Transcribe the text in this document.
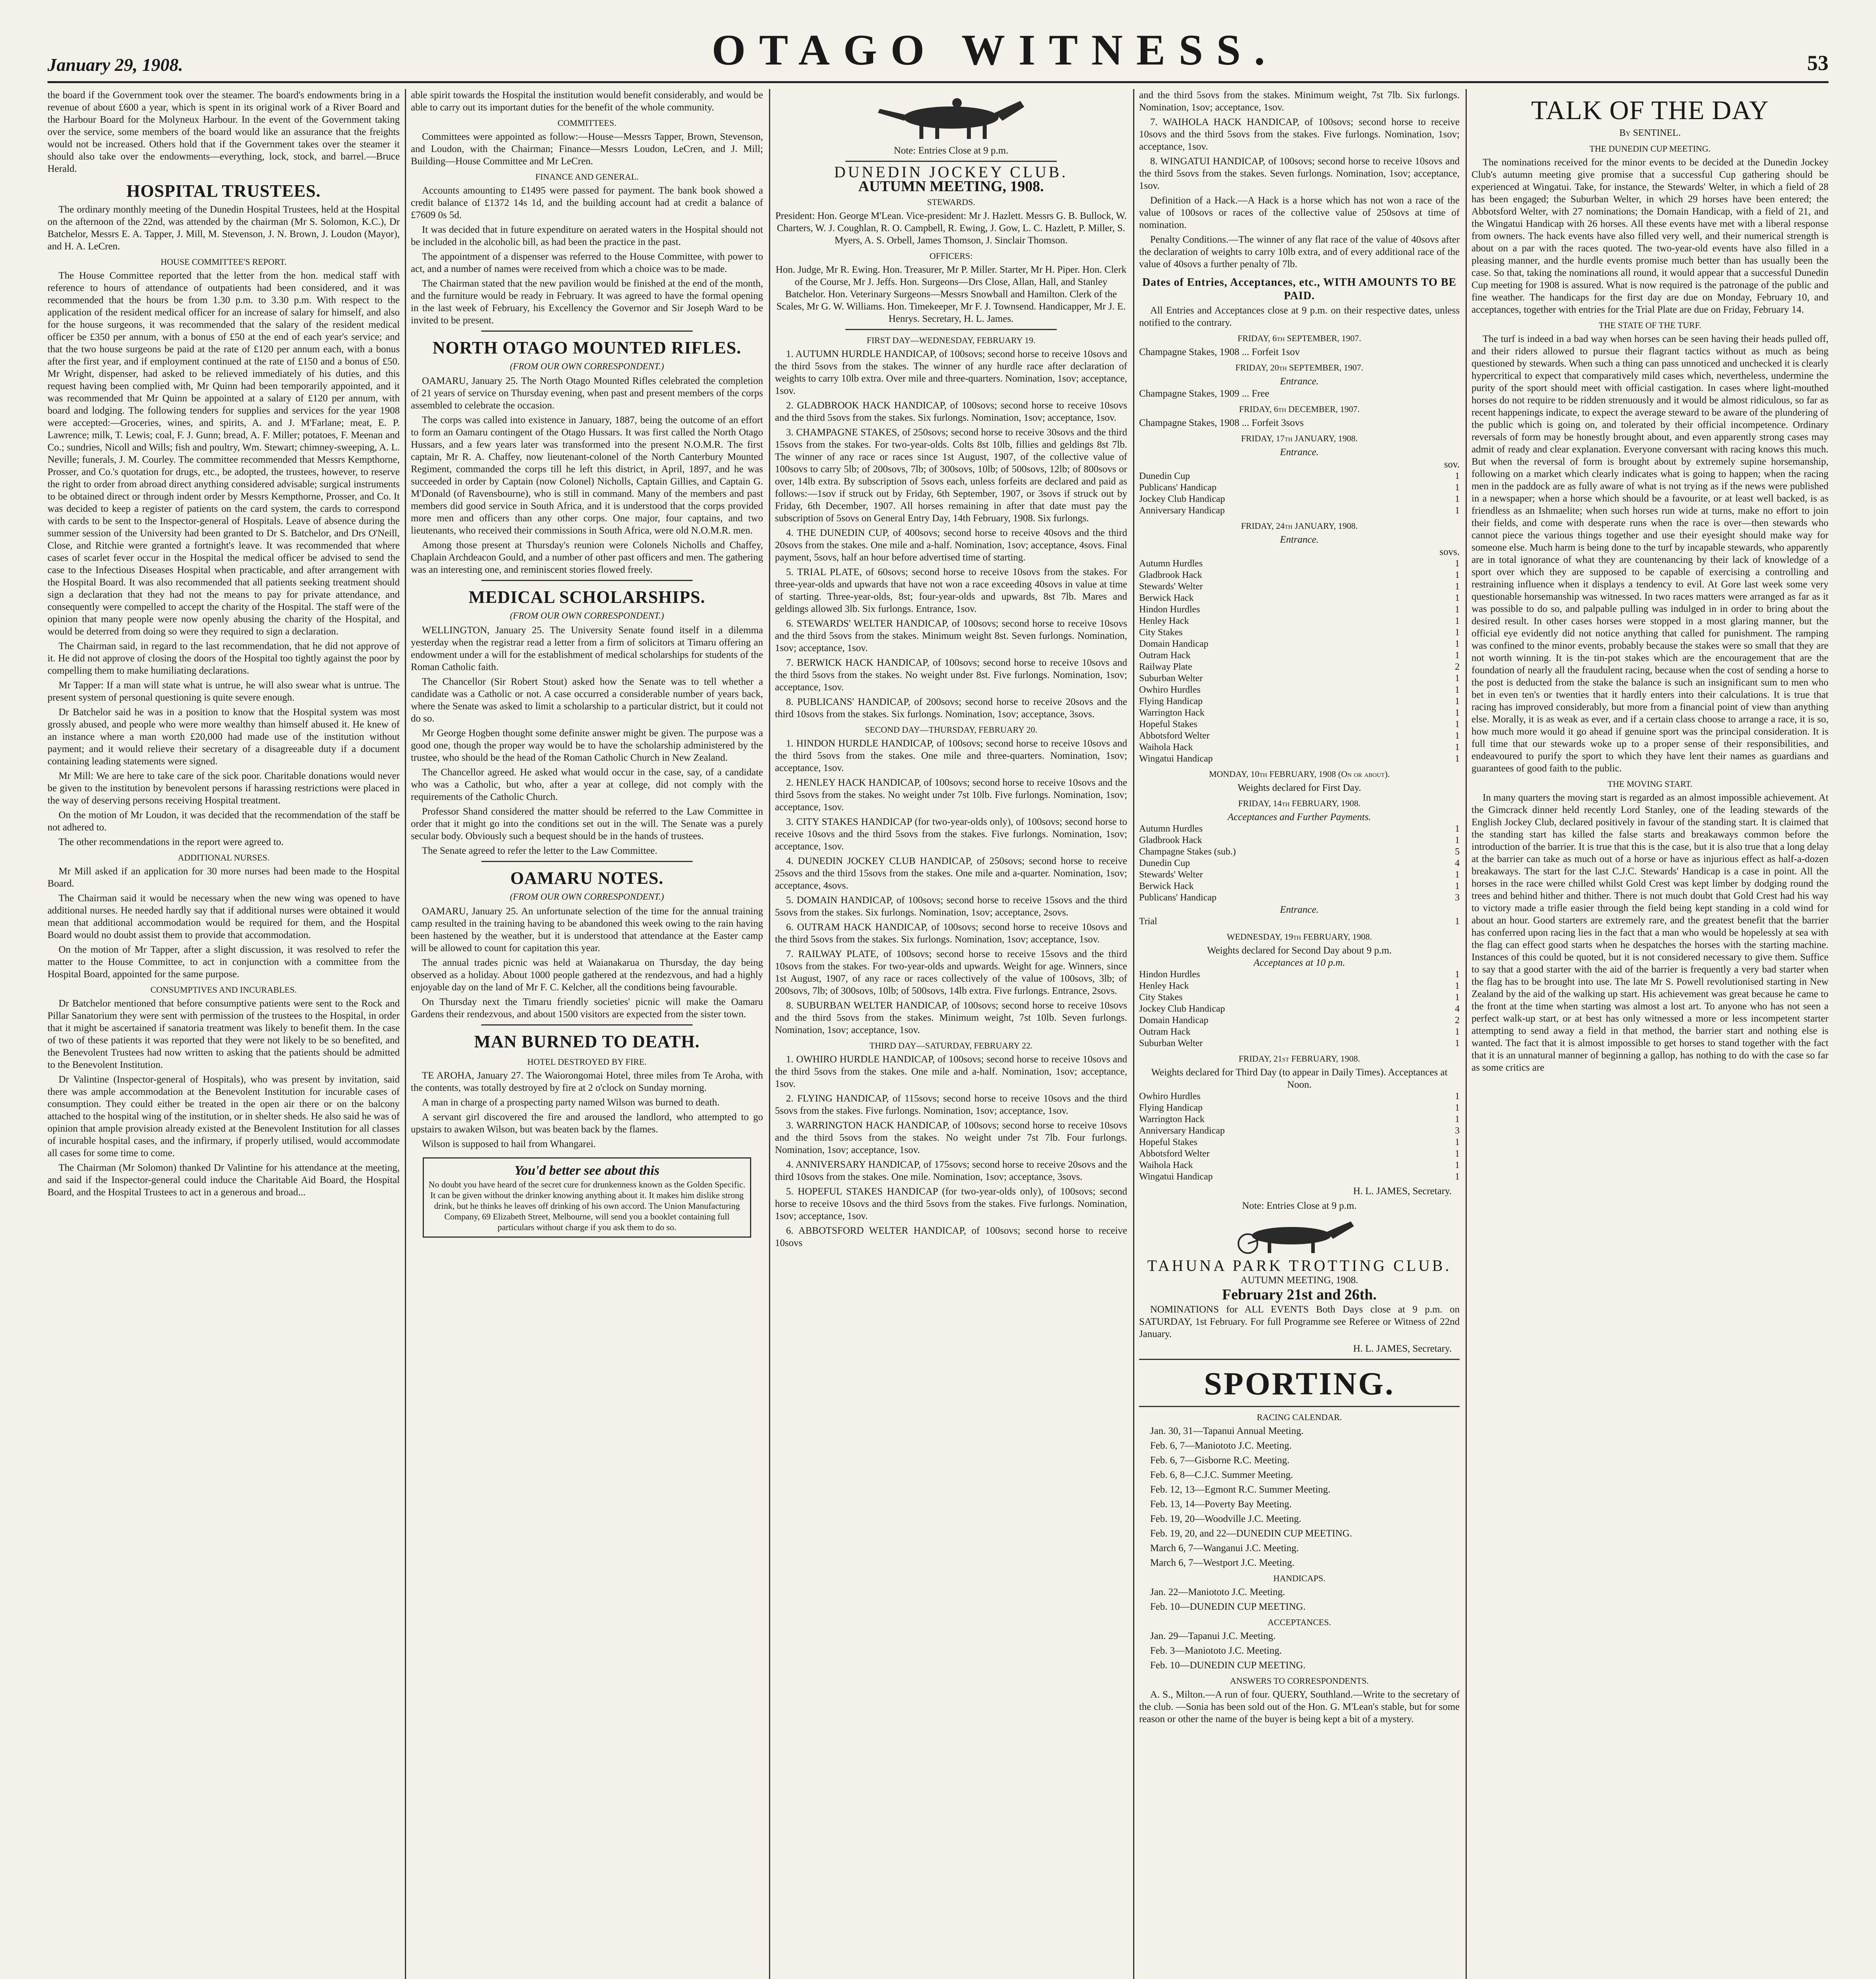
January 29, 1908.	OTAGO WITNESS.	53

the board if the Government took over the steamer. The board's endowments bring in a revenue of about £600 a year, which is spent in its original work of a River Board and the Harbour Board for the Molyneux Harbour. In the event of the Government taking over the service, some members of the board would like an assurance that the freights would not be increased. Others hold that if the Government takes over the steamer it should also take over the endowments—everything, lock, stock, and barrel.—Bruce Herald.

HOSPITAL TRUSTEES.

The ordinary monthly meeting of the Dunedin Hospital Trustees, held at the Hospital on the afternoon of the 22nd, was attended by the chairman (Mr S. Solomon, K.C.), Dr Batchelor, Messrs E. A. Tapper, J. Mill, M. Stevenson, J. N. Brown, J. Loudon (Mayor), and H. A. LeCren.

HOUSE COMMITTEE'S REPORT.

The House Committee reported that the letter from the hon. medical staff with reference to hours of attendance of outpatients had been considered, and it was recommended that the hours be from 1.30 p.m. to 3.30 p.m. With respect to the application of the resident medical officer for an increase of salary for himself, and also for the house surgeons, it was recommended that the salary of the resident medical officer be £350 per annum, with a bonus of £50 at the end of each year's service; and that the two house surgeons be paid at the rate of £120 per annum each, with a bonus after the first year, and if employment continued at the rate of £150 and a bonus of £50. Mr Wright, dispenser, had asked to be relieved immediately of his duties, and this request having been complied with, Mr Quinn had been temporarily appointed, and it was recommended that Mr Quinn be appointed at a salary of £120 per annum, with board and lodging. The following tenders for supplies and services for the year 1908 were accepted:—Groceries, wines, and spirits, A. and J. M'Farlane; meat, E. P. Lawrence; milk, T. Lewis; coal, F. J. Gunn; bread, A. F. Miller; potatoes, F. Meenan and Co.; sundries, Nicoll and Wills; fish and poultry, Wm. Stewart; chimney-sweeping, A. L. Neville; funerals, J. M. Courley. The committee recommended that Messrs Kempthorne, Prosser, and Co.'s quotation for drugs, etc., be adopted, the trustees, however, to reserve the right to order from abroad direct anything considered advisable; surgical instruments to be obtained direct or through indent order by Messrs Kempthorne, Prosser, and Co. It was decided to keep a register of patients on the card system, the cards to correspond with cards to be sent to the Inspector-general of Hospitals. Leave of absence during the summer session of the University had been granted to Dr S. Batchelor, and Drs O'Neill, Close, and Ritchie were granted a fortnight's leave. It was recommended that where cases of scarlet fever occur in the Hospital the medical officer be advised to send the case to the Infectious Diseases Hospital when practicable, and after arrangement with the Hospital Board. It was also recommended that all patients seeking treatment should sign a declaration that they had not the means to pay for private attendance, and consequently were compelled to accept the charity of the Hospital. The staff were of the opinion that many people were now openly abusing the charity of the Hospital, and would be deterred from doing so were they required to sign a declaration.

The Chairman said, in regard to the last recommendation, that he did not approve of it. He did not approve of closing the doors of the Hospital too tightly against the poor by compelling them to make humiliating declarations.

Mr Tapper: If a man will state what is untrue, he will also swear what is untrue. The present system of personal questioning is quite severe enough.

Dr Batchelor said he was in a position to know that the Hospital system was most grossly abused, and people who were more wealthy than himself abused it. He knew of an instance where a man worth £20,000 had made use of the institution without payment; and it would relieve their secretary of a disagreeable duty if a document containing leading statements were signed.

Mr Mill: We are here to take care of the sick poor. Charitable donations would never be given to the institution by benevolent persons if harassing restrictions were placed in the way of deserving persons receiving Hospital treatment.

On the motion of Mr Loudon, it was decided that the recommendation of the staff be not adhered to.

The other recommendations in the report were agreed to.

ADDITIONAL NURSES.

Mr Mill asked if an application for 30 more nurses had been made to the Hospital Board.

The Chairman said it would be necessary when the new wing was opened to have additional nurses. He needed hardly say that if additional nurses were obtained it would mean that additional accommodation would be required for them, and the Hospital Board would no doubt assist them to provide that accommodation.

On the motion of Mr Tapper, after a slight discussion, it was resolved to refer the matter to the House Committee, to act in conjunction with a committee from the Hospital Board, appointed for the same purpose.

CONSUMPTIVES AND INCURABLES.

Dr Batchelor mentioned that before consumptive patients were sent to the Rock and Pillar Sanatorium they were sent with permission of the trustees to the Hospital, in order that it might be ascertained if sanatoria treatment was likely to benefit them. In the case of two of these patients it was reported that they were not likely to be so benefited, and the Benevolent Trustees had now written to asking that the patients should be admitted to the Benevolent Institution.

Dr Valintine (Inspector-general of Hospitals), who was present by invitation, said there was ample accommodation at the Benevolent Institution for incurable cases of consumption. They could either be treated in the open air there or on the balcony attached to the hospital wing of the institution, or in shelter sheds. He also said he was of opinion that ample provision already existed at the Benevolent Institution for all classes of incurable hospital cases, and the infirmary, if properly utilised, would accommodate all cases for some time to come.

The Chairman (Mr Solomon) thanked Dr Valintine for his attendance at the meeting, and said if the Inspector-general could induce the Charitable Aid Board, the Hospital Board, and the Hospital Trustees to act in a generous and broad...

able spirit towards the Hospital the institution would benefit considerably, and would be able to carry out its important duties for the benefit of the whole community.

COMMITTEES.

Committees were appointed as follow:—House—Messrs Tapper, Brown, Stevenson, and Loudon, with the Chairman; Finance—Messrs Loudon, LeCren, and J. Mill; Building—House Committee and Mr LeCren.

FINANCE AND GENERAL.

Accounts amounting to £1495 were passed for payment. The bank book showed a credit balance of £1372 14s 1d, and the building account had at credit a balance of £7609 0s 5d.

It was decided that in future expenditure on aerated waters in the Hospital should not be included in the alcoholic bill, as had been the practice in the past.

The appointment of a dispenser was referred to the House Committee, with power to act, and a number of names were received from which a choice was to be made.

The Chairman stated that the new pavilion would be finished at the end of the month, and the furniture would be ready in February. It was agreed to have the formal opening in the last week of February, his Excellency the Governor and Sir Joseph Ward to be invited to be present.

NORTH OTAGO MOUNTED RIFLES.
(FROM OUR OWN CORRESPONDENT.)

OAMARU, January 25. The North Otago Mounted Rifles celebrated the completion of 21 years of service on Thursday evening, when past and present members of the corps assembled to celebrate the occasion.

The corps was called into existence in January, 1887, being the outcome of an effort to form an Oamaru contingent of the Otago Hussars. It was first called the North Otago Hussars, and a few years later was transformed into the present N.O.M.R. The first captain, Mr R. A. Chaffey, now lieutenant-colonel of the North Canterbury Mounted Regiment, commanded the corps till he left this district, in April, 1897, and he was succeeded in order by Captain (now Colonel) Nicholls, Captain Gillies, and Captain G. M'Donald (of Ravensbourne), who is still in command. Many of the members and past members did good service in South Africa, and it is understood that the corps provided more men and officers than any other corps. One major, four captains, and two lieutenants, who received their commissions in South Africa, were old N.O.M.R. men.

Among those present at Thursday's reunion were Colonels Nicholls and Chaffey, Chaplain Archdeacon Gould, and a number of other past officers and men. The gathering was an interesting one, and reminiscent stories flowed freely.

MEDICAL SCHOLARSHIPS.
(FROM OUR OWN CORRESPONDENT.)

WELLINGTON, January 25. The University Senate found itself in a dilemma yesterday when the registrar read a letter from a firm of solicitors at Timaru offering an endowment under a will for the establishment of medical scholarships for students of the Roman Catholic faith.

The Chancellor (Sir Robert Stout) asked how the Senate was to tell whether a candidate was a Catholic or not. A case occurred a considerable number of years back, where the Senate was asked to limit a scholarship to a particular district, but it could not do so.

Mr George Hogben thought some definite answer might be given. The purpose was a good one, though the proper way would be to have the scholarship administered by the trustee, who should be the head of the Roman Catholic Church in New Zealand.

The Chancellor agreed. He asked what would occur in the case, say, of a candidate who was a Catholic, but who, after a year at college, did not comply with the requirements of the Catholic Church.

Professor Shand considered the matter should be referred to the Law Committee in order that it might go into the conditions set out in the will. The Senate was a purely secular body. Obviously such a bequest should be in the hands of trustees.

The Senate agreed to refer the letter to the Law Committee.

OAMARU NOTES.
(FROM OUR OWN CORRESPONDENT.)

OAMARU, January 25. An unfortunate selection of the time for the annual training camp resulted in the training having to be abandoned this week owing to the rain having been hastened by the weather, but it is understood that attendance at the Easter camp will be allowed to count for capitation this year.

The annual trades picnic was held at Waianakarua on Thursday, the day being observed as a holiday. About 1000 people gathered at the rendezvous, and had a highly enjoyable day on the land of Mr F. C. Kelcher, all the conditions being favourable.

On Thursday next the Timaru friendly societies' picnic will make the Oamaru Gardens their rendezvous, and about 1500 visitors are expected from the sister town.

MAN BURNED TO DEATH.
HOTEL DESTROYED BY FIRE.

TE AROHA, January 27. The Waiorongomai Hotel, three miles from Te Aroha, with the contents, was totally destroyed by fire at 2 o'clock on Sunday morning.

A man in charge of a prospecting party named Wilson was burned to death.

A servant girl discovered the fire and aroused the landlord, who attempted to go upstairs to awaken Wilson, but was beaten back by the flames.

Wilson is supposed to hail from Whangarei.

You'd better see about this
No doubt you have heard of the secret cure for drunkenness known as the Golden Specific. It can be given without the drinker knowing anything about it. It makes him dislike strong drink, but he thinks he leaves off drinking of his own accord. The Union Manufacturing Company, 69 Elizabeth Street, Melbourne, will send you a booklet containing full particulars without charge if you ask them to do so.
Note: Entries Close at 9 p.m.
DUNEDIN JOCKEY CLUB.
AUTUMN MEETING, 1908.
STEWARDS.

President: Hon. George M'Lean. Vice-president: Mr J. Hazlett. Messrs G. B. Bullock, W. Charters, W. J. Coughlan, R. O. Campbell, R. Ewing, J. Gow, L. C. Hazlett, P. Miller, S. Myers, A. S. Orbell, James Thomson, J. Sinclair Thomson.

OFFICERS:

Hon. Judge, Mr R. Ewing. Hon. Treasurer, Mr P. Miller. Starter, Mr H. Piper. Hon. Clerk of the Course, Mr J. Jeffs. Hon. Surgeons—Drs Close, Allan, Hall, and Stanley Batchelor. Hon. Veterinary Surgeons—Messrs Snowball and Hamilton. Clerk of the Scales, Mr G. W. Williams. Hon. Timekeeper, Mr F. J. Townsend. Handicapper, Mr J. E. Henrys. Secretary, H. L. James.

FIRST DAY—WEDNESDAY, FEBRUARY 19.

1. AUTUMN HURDLE HANDICAP, of 100sovs; second horse to receive 10sovs and the third 5sovs from the stakes. The winner of any hurdle race after declaration of weights to carry 10lb extra. Over mile and three-quarters. Nomination, 1sov; acceptance, 1sov.

2. GLADBROOK HACK HANDICAP, of 100sovs; second horse to receive 10sovs and the third 5sovs from the stakes. Six furlongs. Nomination, 1sov; acceptance, 1sov.

3. CHAMPAGNE STAKES, of 250sovs; second horse to receive 30sovs and the third 15sovs from the stakes. For two-year-olds. Colts 8st 10lb, fillies and geldings 8st 7lb. The winner of any race or races since 1st August, 1907, of the collective value of 100sovs to carry 5lb; of 200sovs, 7lb; of 300sovs, 10lb; of 500sovs, 12lb; of 800sovs or over, 14lb extra. By subscription of 5sovs each, unless forfeits are declared and paid as follows:—1sov if struck out by Friday, 6th September, 1907, or 3sovs if struck out by Friday, 6th December, 1907. All horses remaining in after that date must pay the subscription of 5sovs on General Entry Day, 14th February, 1908. Six furlongs.

4. THE DUNEDIN CUP, of 400sovs; second horse to receive 40sovs and the third 20sovs from the stakes. One mile and a-half. Nomination, 1sov; acceptance, 4sovs. Final payment, 5sovs, half an hour before advertised time of starting.

5. TRIAL PLATE, of 60sovs; second horse to receive 10sovs from the stakes. For three-year-olds and upwards that have not won a race exceeding 40sovs in value at time of starting. Three-year-olds, 8st; four-year-olds and upwards, 8st 7lb. Mares and geldings allowed 3lb. Six furlongs. Entrance, 1sov.

6. STEWARDS' WELTER HANDICAP, of 100sovs; second horse to receive 10sovs and the third 5sovs from the stakes. Minimum weight 8st. Seven furlongs. Nomination, 1sov; acceptance, 1sov.

7. BERWICK HACK HANDICAP, of 100sovs; second horse to receive 10sovs and the third 5sovs from the stakes. No weight under 8st. Five furlongs. Nomination, 1sov; acceptance, 1sov.

8. PUBLICANS' HANDICAP, of 200sovs; second horse to receive 20sovs and the third 10sovs from the stakes. Six furlongs. Nomination, 1sov; acceptance, 3sovs.

SECOND DAY—THURSDAY, FEBRUARY 20.

1. HINDON HURDLE HANDICAP, of 100sovs; second horse to receive 10sovs and the third 5sovs from the stakes. One mile and three-quarters. Nomination, 1sov; acceptance, 1sov.

2. HENLEY HACK HANDICAP, of 100sovs; second horse to receive 10sovs and the third 5sovs from the stakes. No weight under 7st 10lb. Five furlongs. Nomination, 1sov; acceptance, 1sov.

3. CITY STAKES HANDICAP (for two-year-olds only), of 100sovs; second horse to receive 10sovs and the third 5sovs from the stakes. Five furlongs. Nomination, 1sov; acceptance, 1sov.

4. DUNEDIN JOCKEY CLUB HANDICAP, of 250sovs; second horse to receive 25sovs and the third 15sovs from the stakes. One mile and a-quarter. Nomination, 1sov; acceptance, 4sovs.

5. DOMAIN HANDICAP, of 100sovs; second horse to receive 15sovs and the third 5sovs from the stakes. Six furlongs. Nomination, 1sov; acceptance, 2sovs.

6. OUTRAM HACK HANDICAP, of 100sovs; second horse to receive 10sovs and the third 5sovs from the stakes. Six furlongs. Nomination, 1sov; acceptance, 1sov.

7. RAILWAY PLATE, of 100sovs; second horse to receive 15sovs and the third 10sovs from the stakes. For two-year-olds and upwards. Weight for age. Winners, since 1st August, 1907, of any race or races collectively of the value of 100sovs, 3lb; of 200sovs, 7lb; of 300sovs, 10lb; of 500sovs, 14lb extra. Five furlongs. Entrance, 2sovs.

8. SUBURBAN WELTER HANDICAP, of 100sovs; second horse to receive 10sovs and the third 5sovs from the stakes. Minimum weight, 7st 10lb. Seven furlongs. Nomination, 1sov; acceptance, 1sov.

THIRD DAY—SATURDAY, FEBRUARY 22.

1. OWHIRO HURDLE HANDICAP, of 100sovs; second horse to receive 10sovs and the third 5sovs from the stakes. One mile and a-half. Nomination, 1sov; acceptance, 1sov.

2. FLYING HANDICAP, of 115sovs; second horse to receive 10sovs and the third 5sovs from the stakes. Five furlongs. Nomination, 1sov; acceptance, 1sov.

3. WARRINGTON HACK HANDICAP, of 100sovs; second horse to receive 10sovs and the third 5sovs from the stakes. No weight under 7st 7lb. Four furlongs. Nomination, 1sov; acceptance, 1sov.

4. ANNIVERSARY HANDICAP, of 175sovs; second horse to receive 20sovs and the third 10sovs from the stakes. One mile. Nomination, 1sov; acceptance, 3sovs.

5. HOPEFUL STAKES HANDICAP (for two-year-olds only), of 100sovs; second horse to receive 10sovs and the third 5sovs from the stakes. Five furlongs. Nomination, 1sov; acceptance, 1sov.

6. ABBOTSFORD WELTER HANDICAP, of 100sovs; second horse to receive 10sovs

and the third 5sovs from the stakes. Minimum weight, 7st 7lb. Six furlongs. Nomination, 1sov; acceptance, 1sov.

7. WAIHOLA HACK HANDICAP, of 100sovs; second horse to receive 10sovs and the third 5sovs from the stakes. Five furlongs. Nomination, 1sov; acceptance, 1sov.

8. WINGATUI HANDICAP, of 100sovs; second horse to receive 10sovs and the third 5sovs from the stakes. Seven furlongs. Nomination, 1sov; acceptance, 1sov.

Definition of a Hack.—A Hack is a horse which has not won a race of the value of 100sovs or races of the collective value of 250sovs at time of nomination.

Penalty Conditions.—The winner of any flat race of the value of 40sovs after the declaration of weights to carry 10lb extra, and of every additional race of the value of 40sovs a further penalty of 7lb.

Dates of Entries, Acceptances, etc., WITH AMOUNTS TO BE PAID.

All Entries and Acceptances close at 9 p.m. on their respective dates, unless notified to the contrary.

FRIDAY, 6th SEPTEMBER, 1907.

Champagne Stakes, 1908 ... Forfeit 1sov

FRIDAY, 20th SEPTEMBER, 1907.
Entrance.

Champagne Stakes, 1909 ... Free

FRIDAY, 6th DECEMBER, 1907.

Champagne Stakes, 1908 ... Forfeit 3sovs

FRIDAY, 17th JANUARY, 1908.
Entrance.
sov.
Dunedin Cup	1
Publicans' Handicap	1
Jockey Club Handicap	1
Anniversary Handicap	1
FRIDAY, 24th JANUARY, 1908.
Entrance.
sovs.
Autumn Hurdles	1
Gladbrook Hack	1
Stewards' Welter	1
Berwick Hack	1
Hindon Hurdles	1
Henley Hack	1
City Stakes	1
Domain Handicap	1
Outram Hack	1
Railway Plate	2
Suburban Welter	1
Owhiro Hurdles	1
Flying Handicap	1
Warrington Hack	1
Hopeful Stakes	1
Abbotsford Welter	1
Waihola Hack	1
Wingatui Handicap	1
MONDAY, 10th FEBRUARY, 1908 (On or about).
Weights declared for First Day.
FRIDAY, 14th FEBRUARY, 1908.
Acceptances and Further Payments.
Autumn Hurdles	1
Gladbrook Hack	1
Champagne Stakes (sub.)	5
Dunedin Cup	4
Stewards' Welter	1
Berwick Hack	1
Publicans' Handicap	3
Entrance.
Trial	1
WEDNESDAY, 19th FEBRUARY, 1908.
Weights declared for Second Day about 9 p.m.
Acceptances at 10 p.m.
Hindon Hurdles	1
Henley Hack	1
City Stakes	1
Jockey Club Handicap	4
Domain Handicap	2
Outram Hack	1
Suburban Welter	1
FRIDAY, 21st FEBRUARY, 1908.
Weights declared for Third Day (to appear in Daily Times). Acceptances at Noon.
Owhiro Hurdles	1
Flying Handicap	1
Warrington Hack	1
Anniversary Handicap	3
Hopeful Stakes	1
Abbotsford Welter	1
Waihola Hack	1
Wingatui Handicap	1
H. L. JAMES, Secretary.
Note: Entries Close at 9 p.m.
TAHUNA PARK TROTTING CLUB.
AUTUMN MEETING, 1908.
February 21st and 26th.

NOMINATIONS for ALL EVENTS Both Days close at 9 p.m. on SATURDAY, 1st February. For full Programme see Referee or Witness of 22nd January.

H. L. JAMES, Secretary.
SPORTING.
RACING CALENDAR.

Jan. 30, 31—Tapanui Annual Meeting.

Feb. 6, 7—Maniototo J.C. Meeting.

Feb. 6, 7—Gisborne R.C. Meeting.

Feb. 6, 8—C.J.C. Summer Meeting.

Feb. 12, 13—Egmont R.C. Summer Meeting.

Feb. 13, 14—Poverty Bay Meeting.

Feb. 19, 20—Woodville J.C. Meeting.

Feb. 19, 20, and 22—DUNEDIN CUP MEETING.

March 6, 7—Wanganui J.C. Meeting.

March 6, 7—Westport J.C. Meeting.

HANDICAPS.

Jan. 22—Maniototo J.C. Meeting.

Feb. 10—DUNEDIN CUP MEETING.

ACCEPTANCES.

Jan. 29—Tapanui J.C. Meeting.

Feb. 3—Maniototo J.C. Meeting.

Feb. 10—DUNEDIN CUP MEETING.

ANSWERS TO CORRESPONDENTS.

A. S., Milton.—A run of four. QUERY, Southland.—Write to the secretary of the club. —Sonia has been sold out of the Hon. G. M'Lean's stable, but for some reason or other the name of the buyer is being kept a bit of a mystery.

TALK OF THE DAY
By SENTINEL.
THE DUNEDIN CUP MEETING.

The nominations received for the minor events to be decided at the Dunedin Jockey Club's autumn meeting give promise that a successful Cup gathering should be experienced at Wingatui. Take, for instance, the Stewards' Welter, in which a field of 28 has been engaged; the Suburban Welter, in which 29 horses have been entered; the Abbotsford Welter, with 27 nominations; the Domain Handicap, with a field of 21, and the Wingatui Handicap with 26 horses. All these events have met with a liberal response from owners. The hack events have also filled very well, and their numerical strength is about on a par with the races quoted. The two-year-old events have also filled in a pleasing manner, and the hurdle events promise much better than has usually been the case. So that, taking the nominations all round, it would appear that a successful Dunedin Cup meeting for 1908 is assured. What is now required is the patronage of the public and fine weather. The handicaps for the first day are due on Monday, February 10, and acceptances, together with entries for the Trial Plate are due on Friday, February 14.

THE STATE OF THE TURF.

The turf is indeed in a bad way when horses can be seen having their heads pulled off, and their riders allowed to pursue their flagrant tactics without as much as being questioned by stewards. When such a thing can pass unnoticed and unchecked it is clearly hypercritical to expect that comparatively mild cases which, nevertheless, undermine the purity of the sport should meet with official castigation. In cases where light-mouthed horses do not require to be ridden strenuously and it would be almost ridiculous, so far as recent happenings indicate, to expect the average steward to be aware of the plundering of the public which is going on, and tolerated by their official incompetence. Ordinary reversals of form may be honestly brought about, and even apparently strong cases may admit of ready and clear explanation. Everyone conversant with racing knows this much. But when the reversal of form is brought about by extremely supine horsemanship, following on a market which clearly indicates what is going to happen; when the racing men in the paddock are as fully aware of what is not trying as if the news were published in a newspaper; when a horse which should be a favourite, or at least well backed, is as friendless as an Ishmaelite; when such horses run wide at turns, make no effort to join their fields, and come with desperate runs when the race is over—then stewards who cannot piece the various things together and use their eyesight should make way for someone else. Much harm is being done to the turf by incapable stewards, who apparently are in total ignorance of what they are countenancing by their lack of knowledge of a sport over which they are supposed to be capable of exercising a controlling and restraining influence when it displays a tendency to evil. At Gore last week some very questionable horsemanship was witnessed. In two races matters were arranged as far as it was possible to do so, and palpable pulling was indulged in in order to bring about the desired result. In other cases horses were stopped in a most glaring manner, but the official eye evidently did not notice anything that called for punishment. The ramping was confined to the minor events, probably because the stakes were so small that they are not worth winning. It is the tin-pot stakes which are the encouragement that are the foundation of nearly all the fraudulent racing, because when the cost of sending a horse to the post is deducted from the stake the balance is such an insignificant sum to men who bet in even ten's or twenties that it hardly enters into their calculations. It is true that racing has improved considerably, but more from a financial point of view than anything else. Morally, it is as weak as ever, and if a certain class choose to arrange a race, it is so, how much more would it go ahead if genuine sport was the principal consideration. It is full time that our stewards woke up to a proper sense of their responsibilities, and endeavoured to purify the sport to which they have lent their names as guardians and guarantees of good faith to the public.

THE MOVING START.

In many quarters the moving start is regarded as an almost impossible achievement. At the Gimcrack dinner held recently Lord Stanley, one of the leading stewards of the English Jockey Club, declared positively in favour of the standing start. It is claimed that the standing start has killed the false starts and breakaways common before the introduction of the barrier. It is true that this is the case, but it is also true that a long delay at the barrier can take as much out of a horse or have as injurious effect as half-a-dozen breakaways. The start for the last C.J.C. Stewards' Handicap is a case in point. All the horses in the race were chilled whilst Gold Crest was kept limber by dodging round the trees and behind hither and thither. There is not much doubt that Gold Crest had his way to victory made a trifle easier through the field being kept standing in a cold wind for about an hour. Good starters are extremely rare, and the greatest benefit that the barrier has conferred upon racing lies in the fact that a man who would be hopelessly at sea with the flag can effect good starts when he despatches the horses with the starting machine. Instances of this could be quoted, but it is not considered necessary to give them. Suffice to say that a good starter with the aid of the barrier is frequently a very bad starter when the flag has to be brought into use. The late Mr S. Powell revolutionised starting in New Zealand by the aid of the walking up start. His achievement was great because he came to the front at the time when starting was almost a lost art. To anyone who has not seen a perfect walk-up start, or at best has only witnessed a more or less incompetent starter attempting to send away a field in that method, the barrier start and nothing else is wanted. The fact that it is almost impossible to get horses to stand together with the fact that it is an unnatural manner of beginning a gallop, has nothing to do with the case so far as some critics are
